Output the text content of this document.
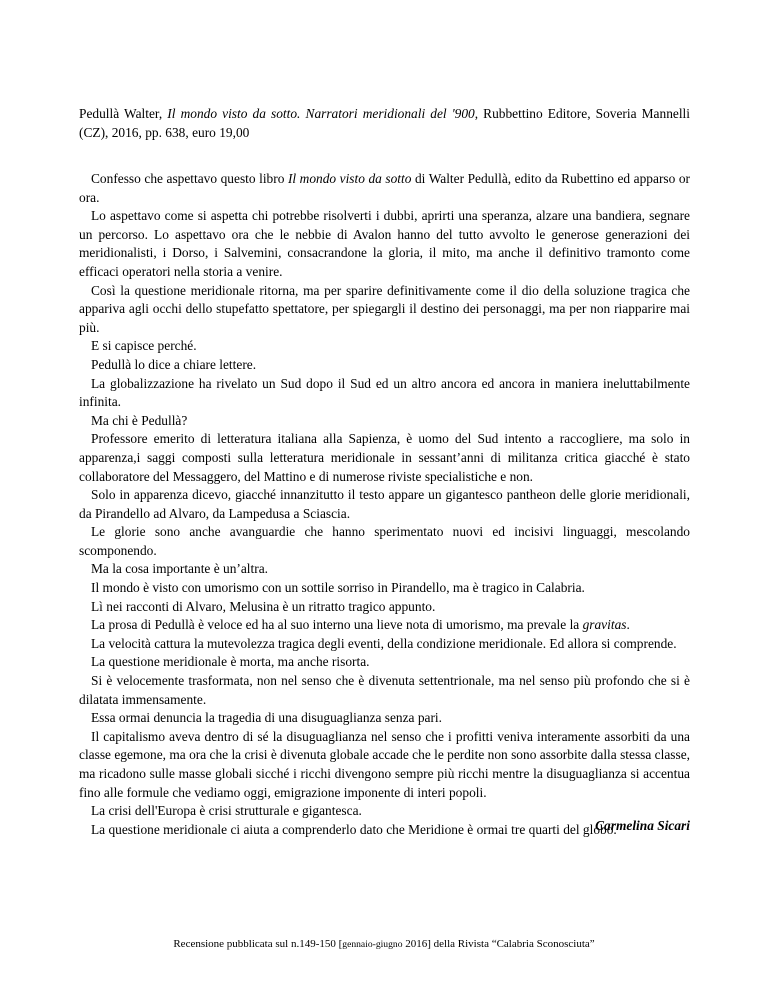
Pedullà Walter, Il mondo visto da sotto. Narratori meridionali del '900, Rubbettino Editore, Soveria Mannelli (CZ), 2016, pp. 638, euro 19,00

Confesso che aspettavo questo libro Il mondo visto da sotto di Walter Pedullà, edito da Rubettino ed apparso or ora.

Lo aspettavo come si aspetta chi potrebbe risolverti i dubbi, aprirti una speranza, alzare una bandiera, segnare un percorso. Lo aspettavo ora che le nebbie di Avalon hanno del tutto avvolto le generose generazioni dei meridionalisti, i Dorso, i Salvemini, consacrandone la gloria, il mito, ma anche il definitivo tramonto come efficaci operatori nella storia a venire.

Così la questione meridionale ritorna, ma per sparire definitivamente come il dio della soluzione tragica che appariva agli occhi dello stupefatto spettatore, per spiegargli il destino dei personaggi, ma per non riapparire mai più.

E si capisce perché.

Pedullà lo dice a chiare lettere.

La globalizzazione ha rivelato un Sud dopo il Sud ed un altro ancora ed ancora in maniera ineluttabilmente infinita.

Ma chi è Pedullà?

Professore emerito di letteratura italiana alla Sapienza, è uomo del Sud intento a raccogliere, ma solo in apparenza,i saggi composti sulla letteratura meridionale in sessant’anni di militanza critica giacché è stato collaboratore del Messaggero, del Mattino e di numerose riviste specialistiche e non.

Solo in apparenza dicevo, giacché innanzitutto il testo appare un gigantesco pantheon delle glorie meridionali, da Pirandello ad Alvaro, da Lampedusa a Sciascia.

Le glorie sono anche avanguardie che hanno sperimentato nuovi ed incisivi linguaggi, mescolando scomponendo.

Ma la cosa importante è un’altra.

Il mondo è visto con umorismo con un sottile sorriso in Pirandello, ma è tragico in Calabria.

Lì nei racconti di Alvaro, Melusina è un ritratto tragico appunto.

La prosa di Pedullà è veloce ed ha al suo interno una lieve nota di umorismo, ma prevale la gravitas.

La velocità cattura la mutevolezza tragica degli eventi, della condizione meridionale. Ed allora si comprende.

La questione meridionale è morta, ma anche risorta.

Si è velocemente trasformata, non nel senso che è divenuta settentrionale, ma nel senso più profondo che si è dilatata immensamente.

Essa ormai denuncia la tragedia di una disuguaglianza senza pari.

Il capitalismo aveva dentro di sé la disuguaglianza nel senso che i profitti veniva interamente assorbiti da una classe egemone, ma ora che la crisi è divenuta globale accade che le perdite non sono assorbite dalla stessa classe, ma ricadono sulle masse globali sicché i ricchi divengono sempre più ricchi mentre la disuguaglianza si accentua fino alle formule che vediamo oggi, emigrazione imponente di interi popoli.

La crisi dell'Europa è crisi strutturale e gigantesca.

La questione meridionale ci aiuta a comprenderlo dato che Meridione è ormai tre quarti del globo.

Carmelina Sicari
Recensione pubblicata sul n.149-150 [gennaio-giugno 2016] della Rivista “Calabria Sconosciuta”
